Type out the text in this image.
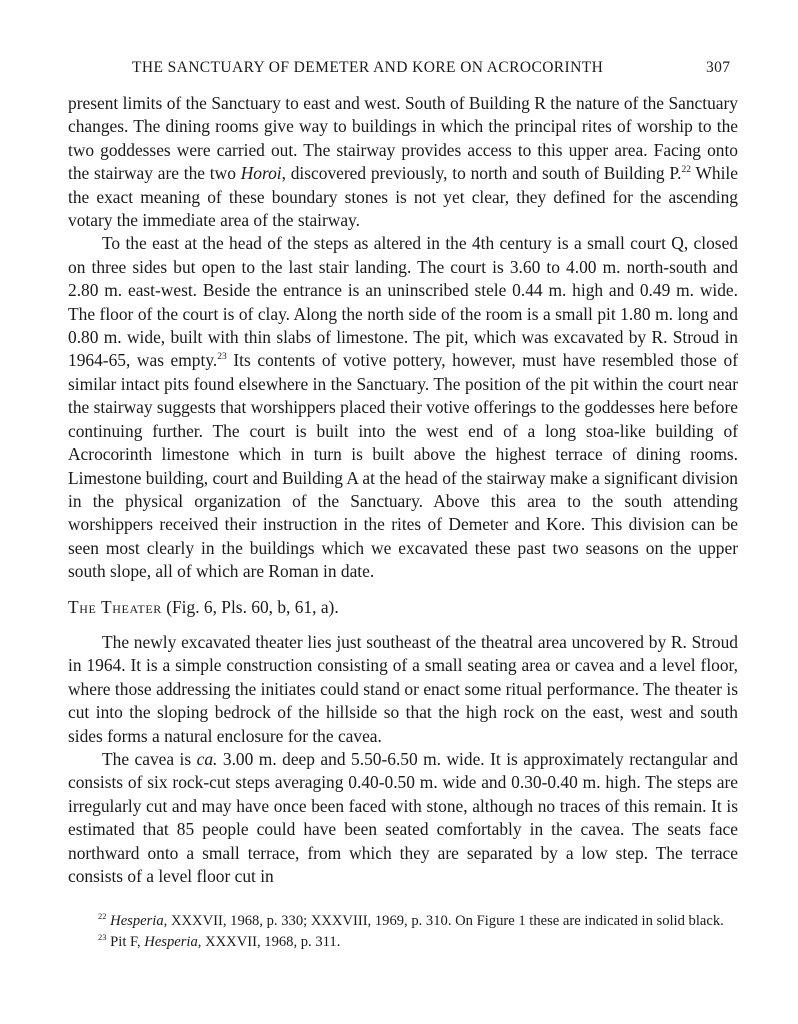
THE SANCTUARY OF DEMETER AND KORE ON ACROCORINTH	307

present limits of the Sanctuary to east and west. South of Building R the nature of the Sanctuary changes. The dining rooms give way to buildings in which the principal rites of worship to the two goddesses were carried out. The stairway provides access to this upper area. Facing onto the stairway are the two Horoi, discovered previously, to north and south of Building P.$^{22}$ While the exact meaning of these boundary stones is not yet clear, they defined for the ascending votary the immediate area of the stairway.

To the east at the head of the steps as altered in the 4th century is a small court Q, closed on three sides but open to the last stair landing. The court is 3.60 to 4.00 m. north-south and 2.80 m. east-west. Beside the entrance is an uninscribed stele 0.44 m. high and 0.49 m. wide. The floor of the court is of clay. Along the north side of the room is a small pit 1.80 m. long and 0.80 m. wide, built with thin slabs of limestone. The pit, which was excavated by R. Stroud in 1964-65, was empty.$^{23}$ Its contents of votive pottery, however, must have resembled those of similar intact pits found elsewhere in the Sanctuary. The position of the pit within the court near the stairway suggests that worshippers placed their votive offerings to the goddesses here before continuing further. The court is built into the west end of a long stoa-like building of Acrocorinth limestone which in turn is built above the highest terrace of dining rooms. Limestone building, court and Building A at the head of the stairway make a significant division in the physical organization of the Sanctuary. Above this area to the south attending worshippers received their instruction in the rites of Demeter and Kore. This division can be seen most clearly in the buildings which we excavated these past two seasons on the upper south slope, all of which are Roman in date.

The Theater (Fig. 6, Pls. 60, b, 61, a).

The newly excavated theater lies just southeast of the theatral area uncovered by R. Stroud in 1964. It is a simple construction consisting of a small seating area or cavea and a level floor, where those addressing the initiates could stand or enact some ritual performance. The theater is cut into the sloping bedrock of the hillside so that the high rock on the east, west and south sides forms a natural enclosure for the cavea.

The cavea is ca. 3.00 m. deep and 5.50-6.50 m. wide. It is approximately rectangular and consists of six rock-cut steps averaging 0.40-0.50 m. wide and 0.30-0.40 m. high. The steps are irregularly cut and may have once been faced with stone, although no traces of this remain. It is estimated that 85 people could have been seated comfortably in the cavea. The seats face northward onto a small terrace, from which they are separated by a low step. The terrace consists of a level floor cut in

$^{22}$ Hesperia, XXXVII, 1968, p. 330; XXXVIII, 1969, p. 310. On Figure 1 these are indicated in solid black.

$^{23}$ Pit F, Hesperia, XXXVII, 1968, p. 311.
